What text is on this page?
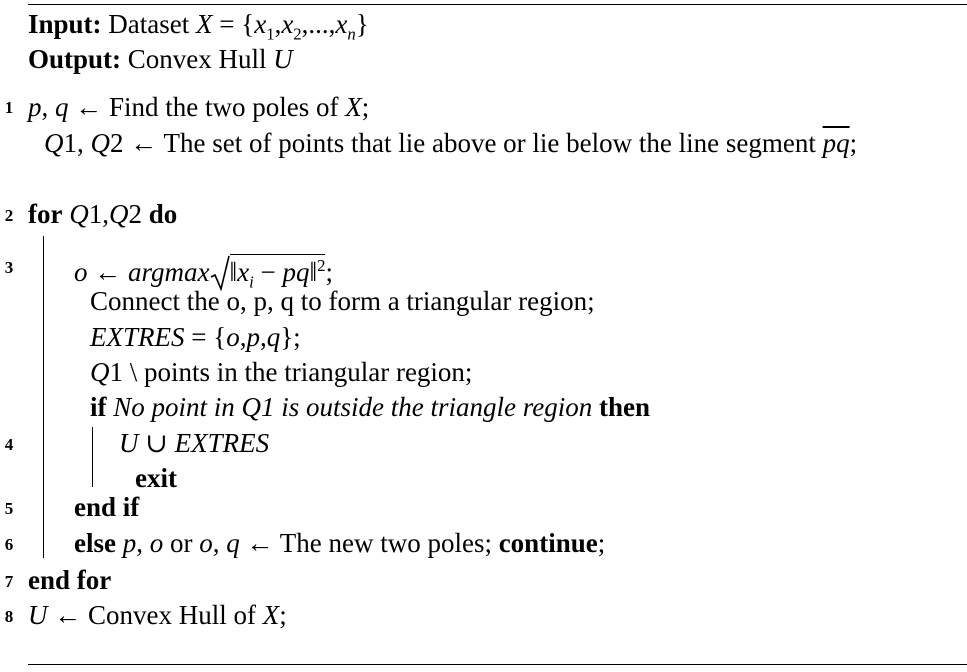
Input: Dataset $X = \{x_1,x_2,...,x_n\}$
Output: Convex Hull U
1
2
3
4
5
6
7
8
p, q ← Find the two poles of X;
Q1, Q2 ← The set of points that lie above or lie below the line segment $\overline{pq}$;
for Q1,Q2 do
o ← argmax $‖x_i$ − pq‖$^2$;
Connect the o, p, q to form a triangular region;
EXTRES = {o,p,q};
Q1 \ points in the triangular region;
if No point in Q1 is outside the triangle region then
U ∪ EXTRES
exit
end if
else p, o or o, q ← The new two poles; continue;
end for
U ← Convex Hull of X;
